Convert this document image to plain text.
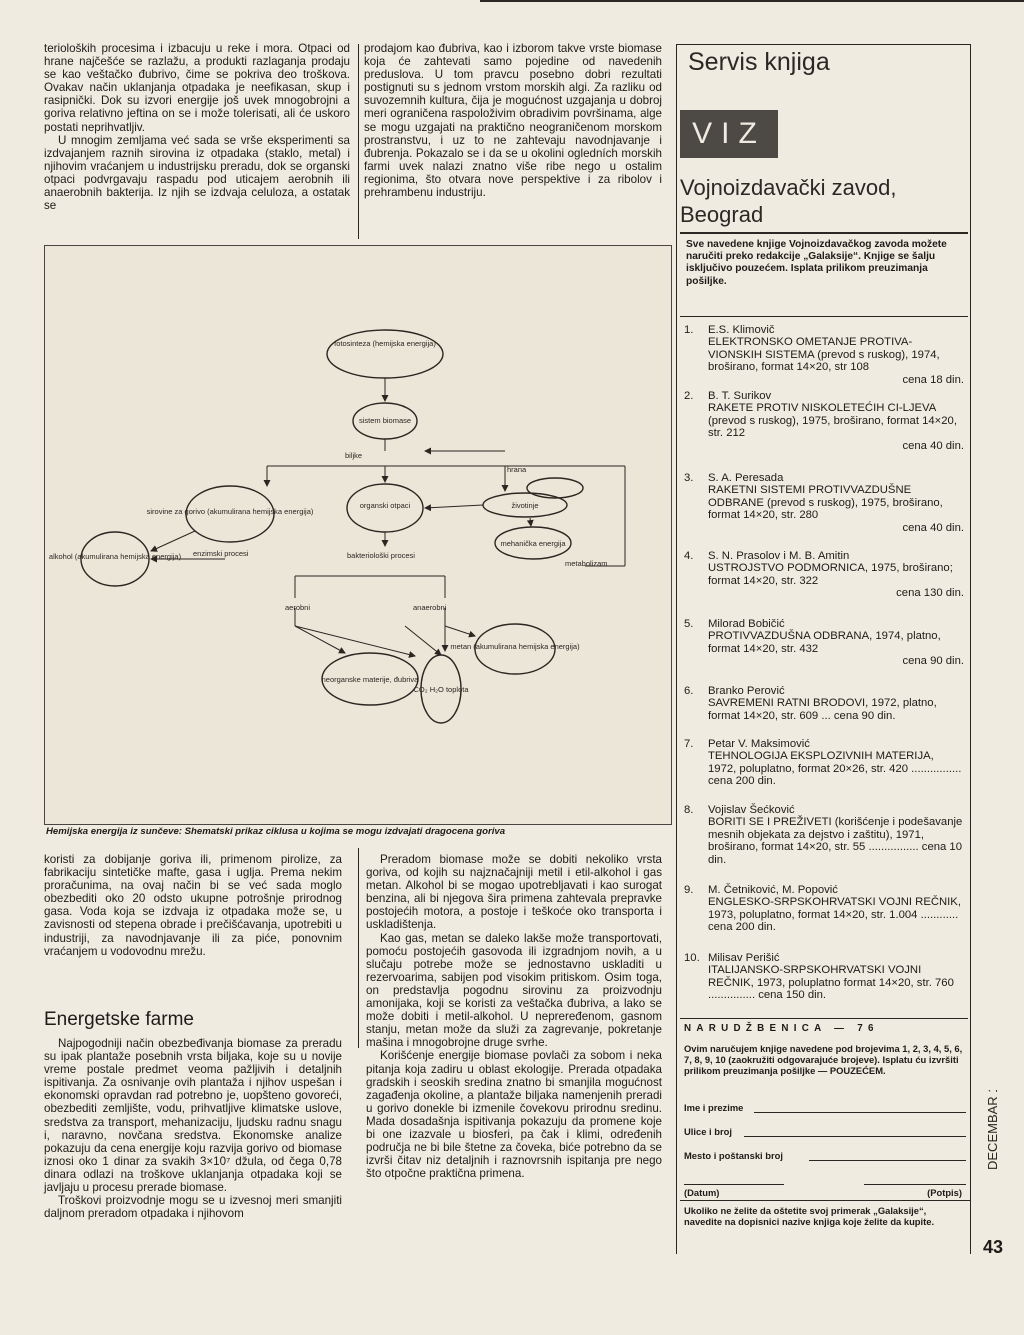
terioloških procesima i izbacuju u reke i mora. Otpaci od hrane najčešće se razlažu, a produkti razlaganja prodaju se kao veštačko đubrivo, čime se pokriva deo troškova. Ovakav način uklanjanja otpadaka je neefikasan, skup i rasipnički. Dok su izvori energije još uvek mnogobrojni a goriva relativno jeftina on se i može tolerisati, ali će uskoro postati neprihvatljiv.

U mnogim zemljama već sada se vrše eksperimenti sa izdvajanjem raznih sirovina iz otpadaka (staklo, metal) i njihovim vraćanjem u industrijsku preradu, dok se organski otpaci podvrgavaju raspadu pod uticajem aerobnih ili anaerobnih bakterija. Iz njih se izdvaja celuloza, a ostatak se

prodajom kao đubriva, kao i izborom takve vrste biomase koja će zahtevati samo pojedine od navedenih preduslova. U tom pravcu posebno dobri rezultati postignuti su s jednom vrstom morskih algi. Za razliku od suvozemnih kultura, čija je mogućnost uzgajanja u dobroj meri ograničena raspoloživim obradivim površinama, alge se mogu uzgajati na praktično neograničenom morskom prostranstvu, i uz to ne zahtevaju navodnjavanje i đubrenja. Pokazalo se i da se u okolini ogledních morskih farmi uvek nalazi znatno više ribe nego u ostalim regionima, što otvara nove perspektive i za ribolov i prehrambenu industriju.

fotosinteza (hemijska energija)
sistem biomase
biljke
hrana
organski otpaci	životinje
sirovine za gorivo (akumulirana hemijska energija)
enzimski procesi
alkohol (akumulirana hemijska energija)
mehanička energija
bakteriološki procesi
metabolizam
aerobni	anaerobni
metan (akumulirana hemijska energija)
neorganske materije, đubriva
CO₂ H₂O toplota
Hemijska energija iz sunčeve: Shematski prikaz ciklusa u kojima se mogu izdvajati dragocena goriva

koristi za dobijanje goriva ili, primenom pirolize, za fabrikaciju sintetičke mafte, gasa i uglja. Prema nekim proračunima, na ovaj način bi se već sada moglo obezbediti oko 20 odsto ukupne potrošnje prirodnog gasa. Voda koja se izdvaja iz otpadaka može se, u zavisnosti od stepena obrade i prečišćavanja, upotrebiti u industriji, za navodnjavanje ili za piće, ponovnim vraćanjem u vodovodnu mrežu.

Energetske farme

Najpogodniji način obezbeđivanja biomase za preradu su ipak plantaže posebnih vrsta biljaka, koje su u novije vreme postale predmet veoma pažljivih i detaljnih ispitivanja. Za osnivanje ovih plantaža i njihov uspešan i ekonomski opravdan rad potrebno je, uopšteno govoreći, obezbediti zemljište, vodu, prihvatljive klimatske uslove, sredstva za transport, mehanizaciju, ljudsku radnu snagu i, naravno, novčana sredstva. Ekonomske analize pokazuju da cena energije koju razvija gorivo od biomase iznosi oko 1 dinar za svakih 3×10⁷ džula, od čega 0,78 dinara odlazi na troškove uklanjanja otpadaka koji se javljaju u procesu prerade biomase.

Troškovi proizvodnje mogu se u izvesnoj meri smanjiti daljnom preradom otpadaka i njihovom

Preradom biomase može se dobiti nekoliko vrsta goriva, od kojih su najznačajniji metil i etil-alkohol i gas metan. Alkohol bi se mogao upotrebljavati i kao surogat benzina, ali bi njegova šira primena zahtevala prepravke postojećih motora, a postoje i teškoće oko transporta i uskladištenja.

Kao gas, metan se daleko lakše može transportovati, pomoću postojećih gasovoda ili izgradnjom novih, a u slučaju potrebe može se jednostavno uskladiti u rezervoarima, sabijen pod visokim pritiskom. Osim toga, on predstavlja pogodnu sirovinu za proizvodnju amonijaka, koji se koristi za veštačka đubriva, a lako se može dobiti i metil-alkohol. U nepreređenom, gasnom stanju, metan može da služi za zagrevanje, pokretanje mašina i mnogobrojne druge svrhe.

Korišćenje energije biomase povlači za sobom i neka pitanja koja zadiru u oblast ekologije. Prerada otpadaka gradskih i seoskih sredina znatno bi smanjila mogućnost zagađenja okoline, a plantaže biljaka namenjenih preradi u gorivo donekle bi izmenile čovekovu prirodnu sredinu. Mada dosadašnja ispitivanja pokazuju da promene koje bi one izazvale u biosferi, pa čak i klimi, određenih područja ne bi bile štetne za čoveka, biće potrebno da se izvrši čitav niz detaljnih i raznovrsnih ispitanja pre nego što otpočne praktična primena.

Servis knjiga
VIZ
Vojnoizdavački zavod, Beograd
Sve navedene knjige Vojnoizdavačkog zavoda možete naručiti preko redakcije „Galaksije“. Knjige se šalju isključivo pouzećem. Isplata prilikom preuzimanja pošiljke.
1.	E.S. Klimovič
ELEKTRONSKO OMETANJE PROTIVA-VIONSKIH SISTEMA (prevod s ruskog), 1974, broširano, format 14×20, str 108
cena 18 din.
2.	B. T. Surikov
RAKETE PROTIV NISKOLETEĆIH CI-LJEVA (prevod s ruskog), 1975, broširano, format 14×20, str. 212
cena 40 din.
3.	S. A. Peresada
RAKETNI SISTEMI PROTIVVAZDUŠNE ODBRANE (prevod s ruskog), 1975, broširano, format 14×20, str. 280
cena 40 din.
4.	S. N. Prasolov i M. B. Amitin
USTROJSTVO PODMORNICA, 1975, broširano; format 14×20, str. 322
cena 130 din.
5.	Milorad Bobičić
PROTIVVAZDUŠNA ODBRANA, 1974, platno, format 14×20, str. 432
cena 90 din.
6.	Branko Perović
SAVREMENI RATNI BRODOVI, 1972, platno, format 14×20, str. 609 ... cena 90 din.
7.	Petar V. Maksimović
TEHNOLOGIJA EKSPLOZIVNIH MATERIJA, 1972, poluplatno, format 20×26, str. 420 ................ cena 200 din.
8.	Vojislav Šećković
BORITI SE I PREŽIVETI (korišćenje i podešavanje mesnih objekata za dejstvo i zaštitu), 1971, broširano, format 14×20, str. 55 ................ cena 10 din.
9.	M. Četniković, M. Popović
ENGLESKO-SRPSKOHRVATSKI VOJNI REČNIK, 1973, poluplatno, format 14×20, str. 1.004 ............ cena 200 din.
10. Milisav Perišić
ITALIJANSKO-SRPSKOHRVATSKI VOJNI REČNIK, 1973, poluplatno format 14×20, str. 760 ............... cena 150 din.
NARUDŽBENICA — 76
Ovim naručujem knjige navedene pod brojevima 1, 2, 3, 4, 5, 6, 7, 8, 9, 10 (zaokružiti odgovarajuće brojeve). Isplatu ću izvršiti prilikom preuzimanja pošiljke — POUZEĆEM.
Ime i prezime
Ulice i broj
Mesto i poštanski broj
(Datum)	(Potpis)
Ukoliko ne želite da oštetite svoj primerak „Galaksije“, navedite na dopisnici nazive knjiga koje želite da kupite.
DECEMBAR 1976.
43
